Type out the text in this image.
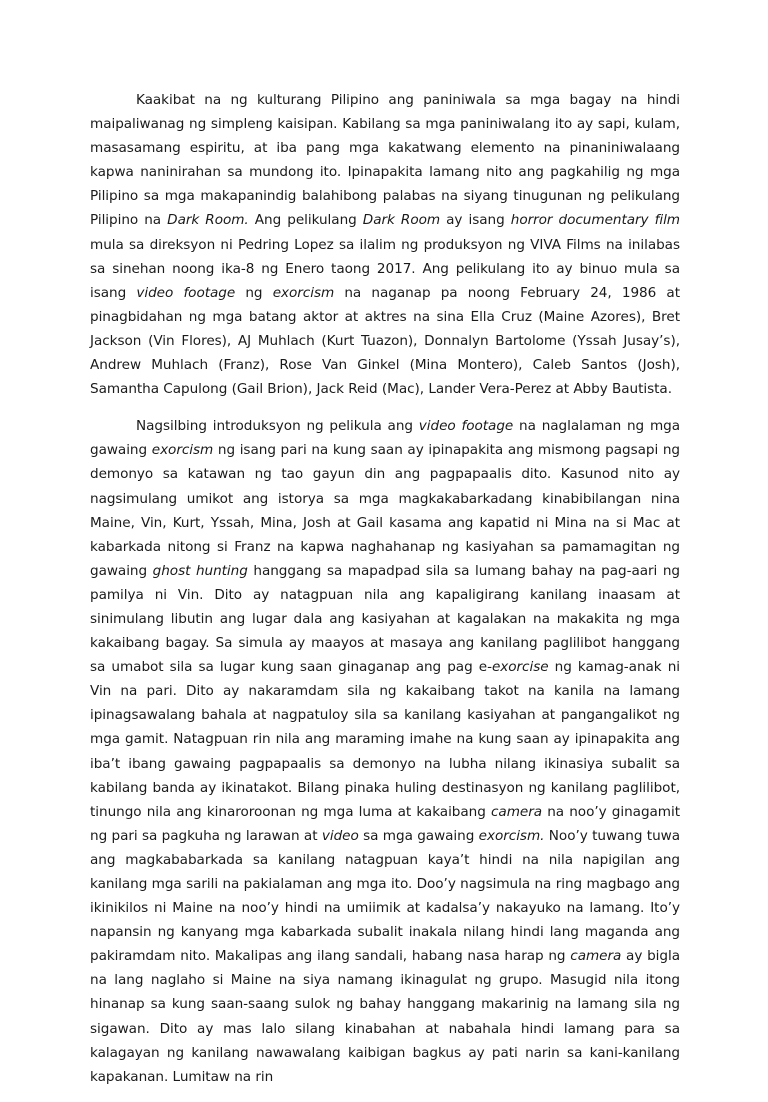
Kaakibat na ng kulturang Pilipino ang paniniwala sa mga bagay na hindi maipaliwanag ng simpleng kaisipan. Kabilang sa mga paniniwalang ito ay sapi, kulam, masasamang espiritu, at iba pang mga kakatwang elemento na pinaniniwalaang kapwa naninirahan sa mundong ito. Ipinapakita lamang nito ang pagkahilig ng mga Pilipino sa mga makapanindig balahibong palabas na siyang tinugunan ng pelikulang Pilipino na Dark Room. Ang pelikulang Dark Room ay isang horror documentary film mula sa direksyon ni Pedring Lopez sa ilalim ng produksyon ng VIVA Films na inilabas sa sinehan noong ika-8 ng Enero taong 2017. Ang pelikulang ito ay binuo mula sa isang video footage ng exorcism na naganap pa noong February 24, 1986 at pinagbidahan ng mga batang aktor at aktres na sina Ella Cruz (Maine Azores), Bret Jackson (Vin Flores), AJ Muhlach (Kurt Tuazon), Donnalyn Bartolome (Yssah Jusay’s), Andrew Muhlach (Franz), Rose Van Ginkel (Mina Montero), Caleb Santos (Josh), Samantha Capulong (Gail Brion), Jack Reid (Mac), Lander Vera-Perez at Abby Bautista.

Nagsilbing introduksyon ng pelikula ang video footage na naglalaman ng mga gawaing exorcism ng isang pari na kung saan ay ipinapakita ang mismong pagsapi ng demonyo sa katawan ng tao gayun din ang pagpapaalis dito. Kasunod nito ay nagsimulang umikot ang istorya sa mga magkakabarkadang kinabibilangan nina Maine, Vin, Kurt, Yssah, Mina, Josh at Gail kasama ang kapatid ni Mina na si Mac at kabarkada nitong si Franz na kapwa naghahanap ng kasiyahan sa pamamagitan ng gawaing ghost hunting hanggang sa mapadpad sila sa lumang bahay na pag-aari ng pamilya ni Vin. Dito ay natagpuan nila ang kapaligirang kanilang inaasam at sinimulang libutin ang lugar dala ang kasiyahan at kagalakan na makakita ng mga kakaibang bagay. Sa simula ay maayos at masaya ang kanilang paglilibot hanggang sa umabot sila sa lugar kung saan ginaganap ang pag e-exorcise ng kamag-anak ni Vin na pari. Dito ay nakaramdam sila ng kakaibang takot na kanila na lamang ipinagsawalang bahala at nagpatuloy sila sa kanilang kasiyahan at pangangalikot ng mga gamit. Natagpuan rin nila ang maraming imahe na kung saan ay ipinapakita ang iba’t ibang gawaing pagpapaalis sa demonyo na lubha nilang ikinasiya subalit sa kabilang banda ay ikinatakot. Bilang pinaka huling destinasyon ng kanilang paglilibot, tinungo nila ang kinaroroonan ng mga luma at kakaibang camera na noo’y ginagamit ng pari sa pagkuha ng larawan at video sa mga gawaing exorcism. Noo’y tuwang tuwa ang magkababarkada sa kanilang natagpuan kaya’t hindi na nila napigilan ang kanilang mga sarili na pakialaman ang mga ito. Doo’y nagsimula na ring magbago ang ikinikilos ni Maine na noo’y hindi na umiimik at kadalsa’y nakayuko na lamang. Ito’y napansin ng kanyang mga kabarkada subalit inakala nilang hindi lang maganda ang pakiramdam nito. Makalipas ang ilang sandali, habang nasa harap ng camera ay bigla na lang naglaho si Maine na siya namang ikinagulat ng grupo. Masugid nila itong hinanap sa kung saan-saang sulok ng bahay hanggang makarinig na lamang sila ng sigawan. Dito ay mas lalo silang kinabahan at nabahala hindi lamang para sa kalagayan ng kanilang nawawalang kaibigan bagkus ay pati narin sa kani-kanilang kapakanan. Lumitaw na rin
